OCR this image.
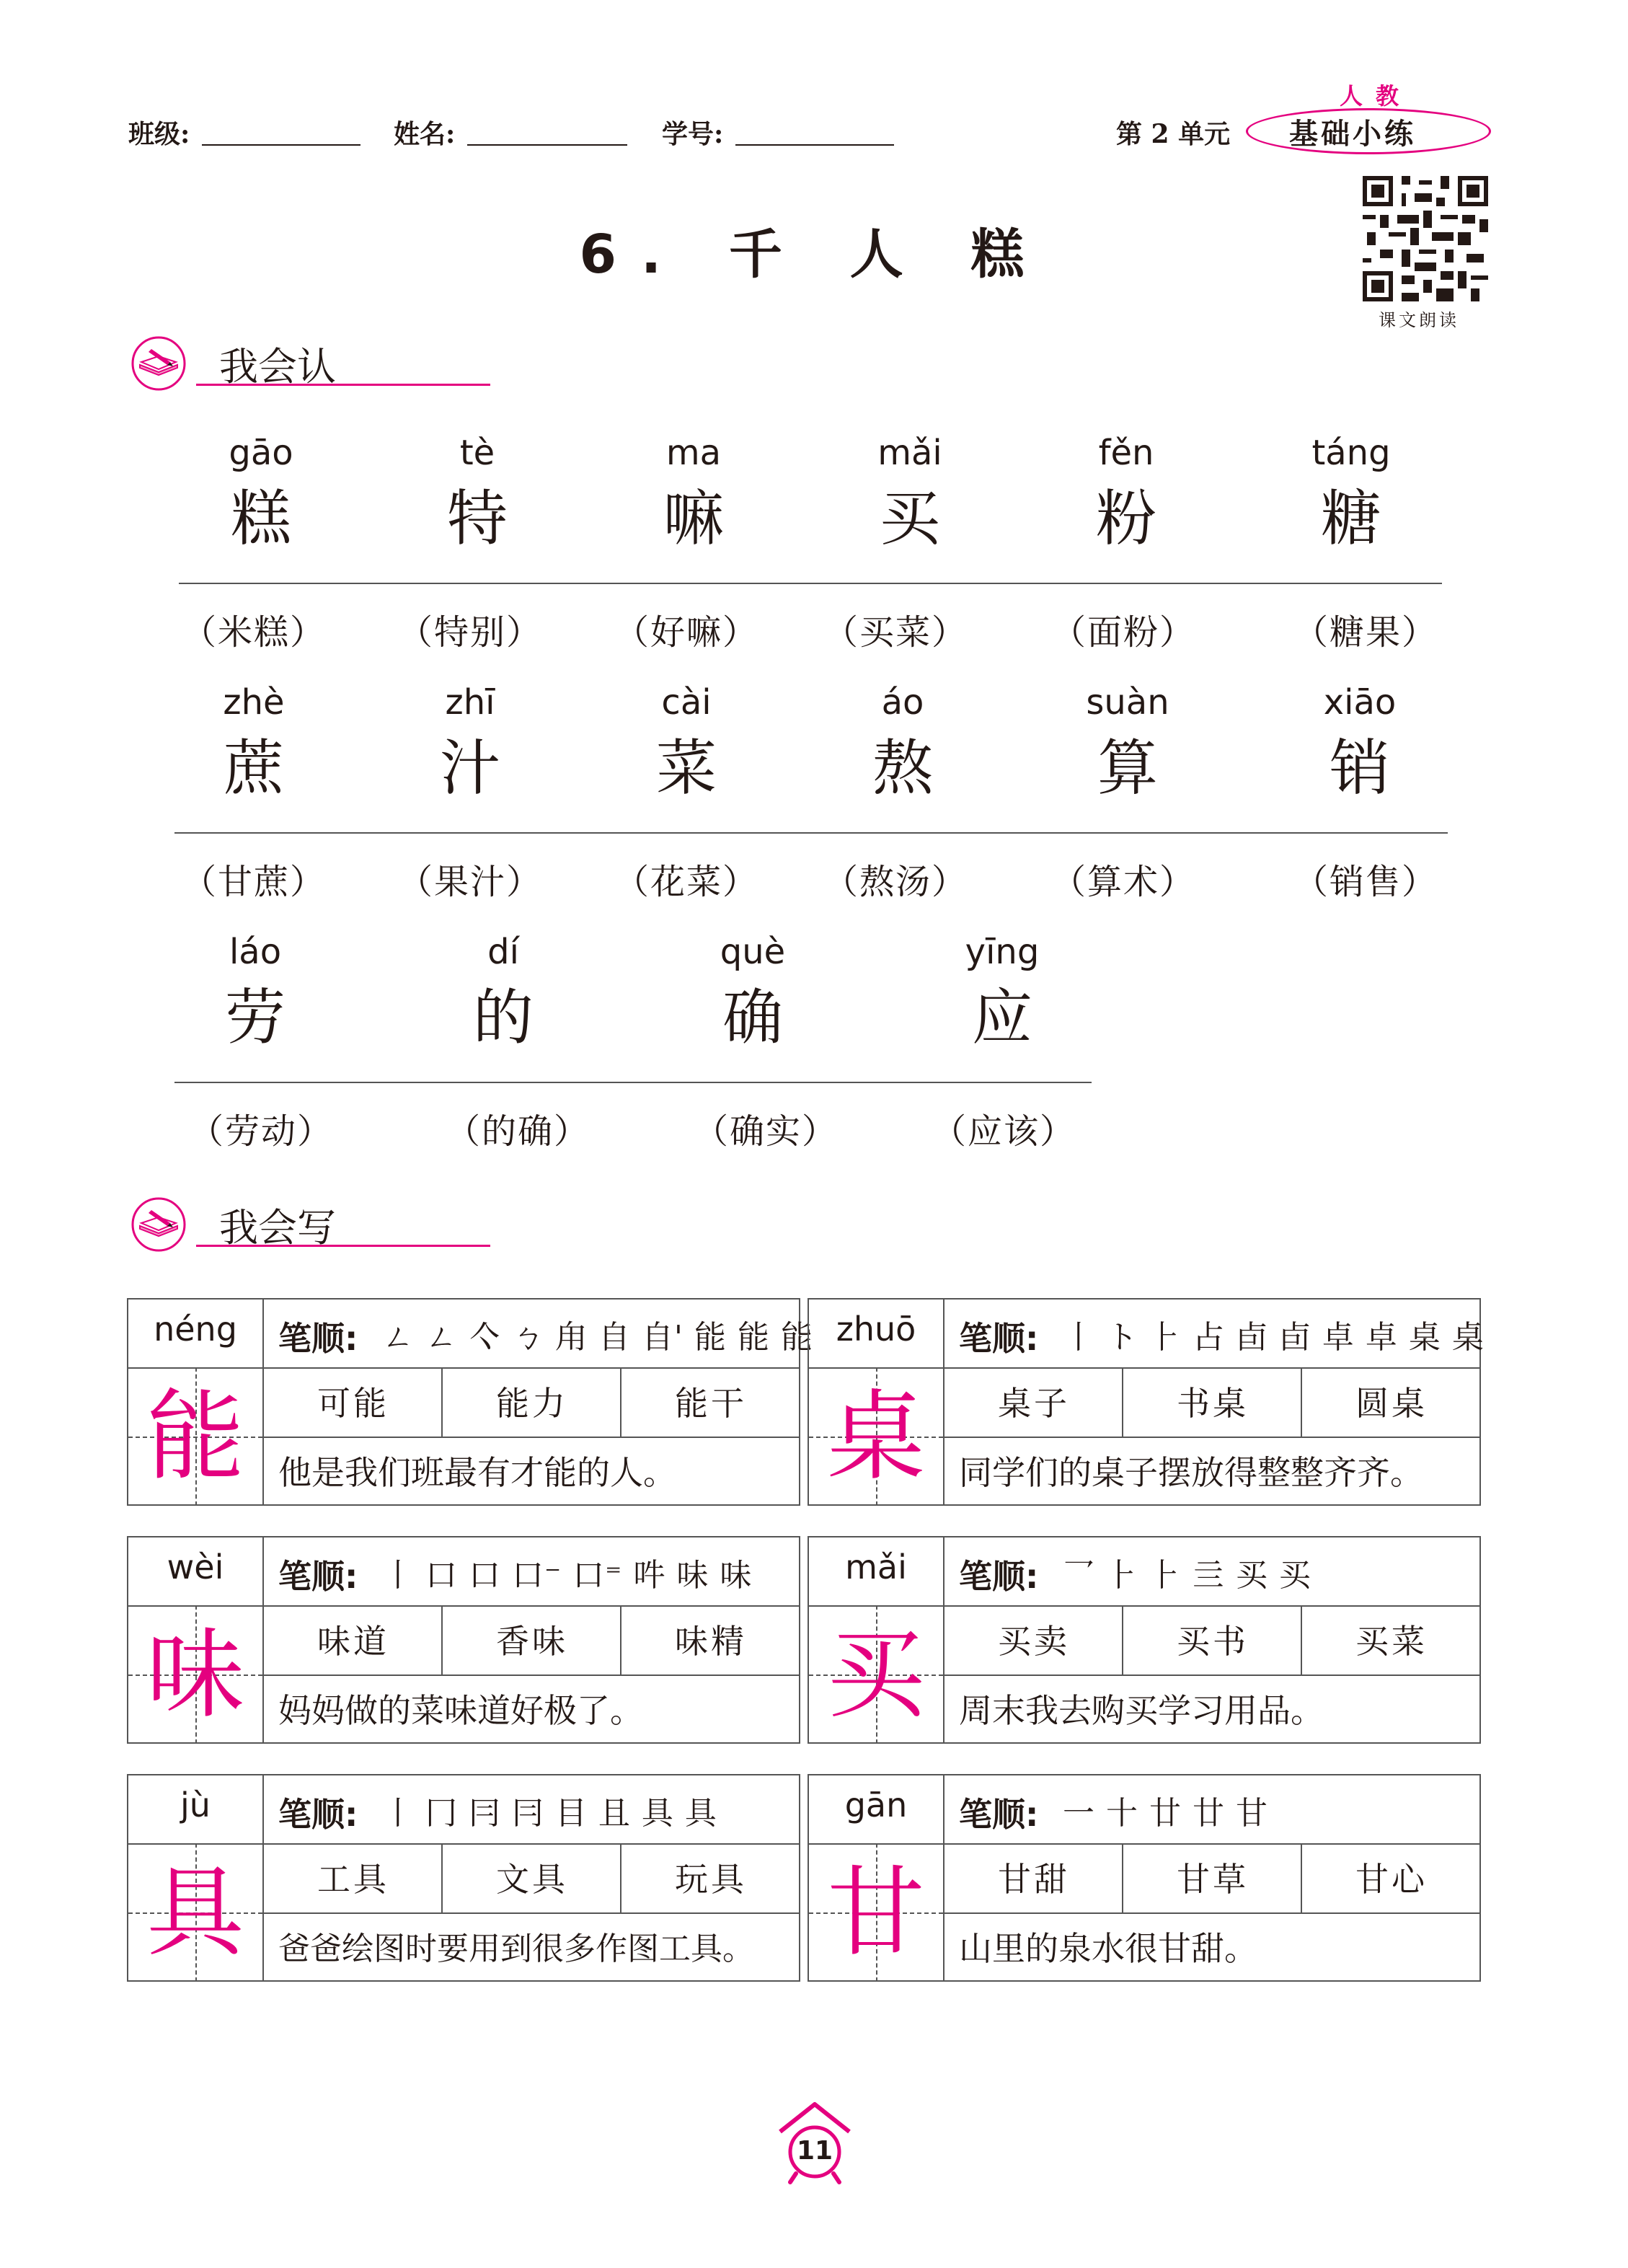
班级:	姓名:	学号:	第 2 单元
人教
基础小练
课文朗读
6. 千 人 糕
我会认
gāo
糕
tè
特
ma
嘛
mǎi
买
fěn
粉
táng
糖
（米糕）	（特别）	（好嘛）	（买菜）	（面粉）	（糖果）
zhè
蔗
zhī
汁
cài
菜
áo
熬
suàn
算
xiāo
销
（甘蔗）	（果汁）	（花菜）	（熬汤）	（算术）	（销售）
láo
劳
dí
的
què
确
yīng
应
（劳动）	（的确）	（确实）	（应该）
我会写
néng	笔顺: ㄥ ㄥ 亽 ㄅ 甪 自 自' 能 能 能
能	可能	能力	能干
他是我们班最有才能的人。
zhuō	笔顺: 丨 ト ⺊ 占 卣 卣 卓 卓 桌 桌
桌	桌子	书桌	圆桌
同学们的桌子摆放得整整齐齐。
wèi	笔顺: 丨 口 口 口⁻ 口⁼ 吽 味 味
味	味道	香味	味精
妈妈做的菜味道好极了。
mǎi	笔顺: 乛 ⺊ ⺊ 亖 买 买
买	买卖	买书	买菜
周末我去购买学习用品。
jù	笔顺: 丨 冂 冃 冃 目 且 具 具
具	工具	文具	玩具
爸爸绘图时要用到很多作图工具。
gān	笔顺: 一 十 廿 廿 甘
甘	甘甜	甘草	甘心
山里的泉水很甘甜。
11
